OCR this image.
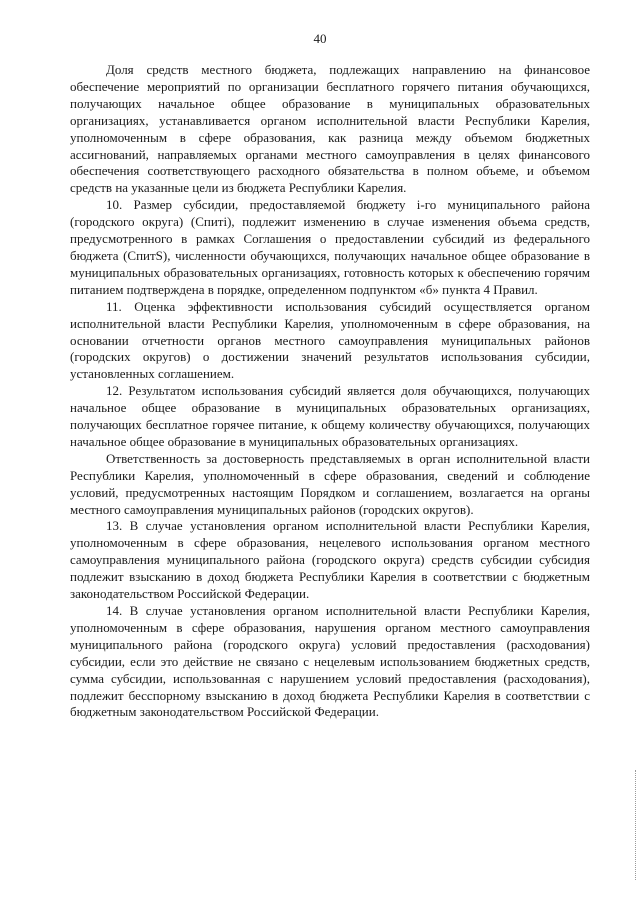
40

Доля средств местного бюджета, подлежащих направлению на финансовое обеспечение мероприятий по организации бесплатного горячего питания обучающихся, получающих начальное общее образование в муниципальных образовательных организациях, устанавливается органом исполнительной власти Республики Карелия, уполномоченным в сфере образования, как разница между объемом бюджетных ассигнований, направляемых органами местного самоуправления в целях финансового обеспечения соответствующего расходного обязательства в полном объеме, и объемом средств на указанные цели из бюджета Республики Карелия.

10. Размер субсидии, предоставляемой бюджету i-го муниципального района (городского округа) (Спиті), подлежит изменению в случае изменения объема средств, предусмотренного в рамках Соглашения о предоставлении субсидий из федерального бюджета (СпитS), численности обучающихся, получающих начальное общее образование в муниципальных образовательных организациях, готовность которых к обеспечению горячим питанием подтверждена в порядке, определенном подпунктом «б» пункта 4 Правил.

11. Оценка эффективности использования субсидий осуществляется органом исполнительной власти Республики Карелия, уполномоченным в сфере образования, на основании отчетности органов местного самоуправления муниципальных районов (городских округов) о достижении значений результатов использования субсидии, установленных соглашением.

12. Результатом использования субсидий является доля обучающихся, получающих начальное общее образование в муниципальных образовательных организациях, получающих бесплатное горячее питание, к общему количеству обучающихся, получающих начальное общее образование в муниципальных образовательных организациях.

Ответственность за достоверность представляемых в орган исполнительной власти Республики Карелия, уполномоченный в сфере образования, сведений и соблюдение условий, предусмотренных настоящим Порядком и соглашением, возлагается на органы местного самоуправления муниципальных районов (городских округов).

13. В случае установления органом исполнительной власти Республики Карелия, уполномоченным в сфере образования, нецелевого использования органом местного самоуправления муниципального района (городского округа) средств субсидии субсидия подлежит взысканию в доход бюджета Республики Карелия в соответствии с бюджетным законодательством Российской Федерации.

14. В случае установления органом исполнительной власти Республики Карелия, уполномоченным в сфере образования, нарушения органом местного самоуправления муниципального района (городского округа) условий предоставления (расходования) субсидии, если это действие не связано с нецелевым использованием бюджетных средств, сумма субсидии, использованная с нарушением условий предоставления (расходования), подлежит бесспорному взысканию в доход бюджета Республики Карелия в соответствии с бюджетным законодательством Российской Федерации.
